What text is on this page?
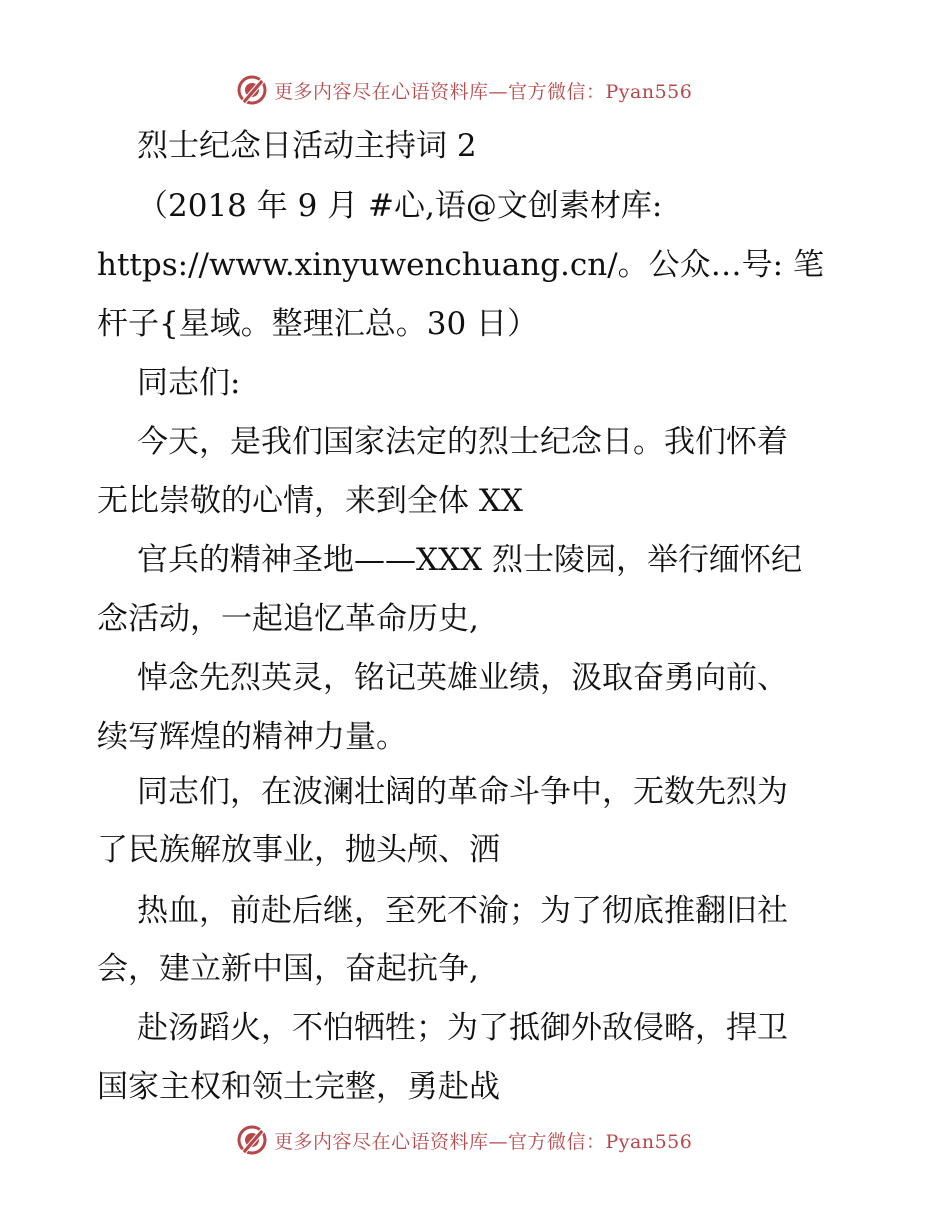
更多内容尽在心语资料库—官方微信：Pyan556
烈士纪念日活动主持词 2
（2018 年 9 月 #心,语@文创素材库:
https://www.xinyuwenchuang.cn/。公众…号: 笔
杆子{星域。整理汇总。30 日）
同志们:
今天，是我们国家法定的烈士纪念日。我们怀着
无比崇敬的心情，来到全体 XX
官兵的精神圣地——XXX 烈士陵园，举行缅怀纪
念活动，一起追忆革命历史,
悼念先烈英灵，铭记英雄业绩，汲取奋勇向前、
续写辉煌的精神力量。
同志们，在波澜壮阔的革命斗争中，无数先烈为
了民族解放事业，抛头颅、洒
热血，前赴后继，至死不渝；为了彻底推翻旧社
会，建立新中国，奋起抗争,
赴汤蹈火，不怕牺牲；为了抵御外敌侵略，捍卫
国家主权和领土完整，勇赴战
更多内容尽在心语资料库—官方微信：Pyan556
